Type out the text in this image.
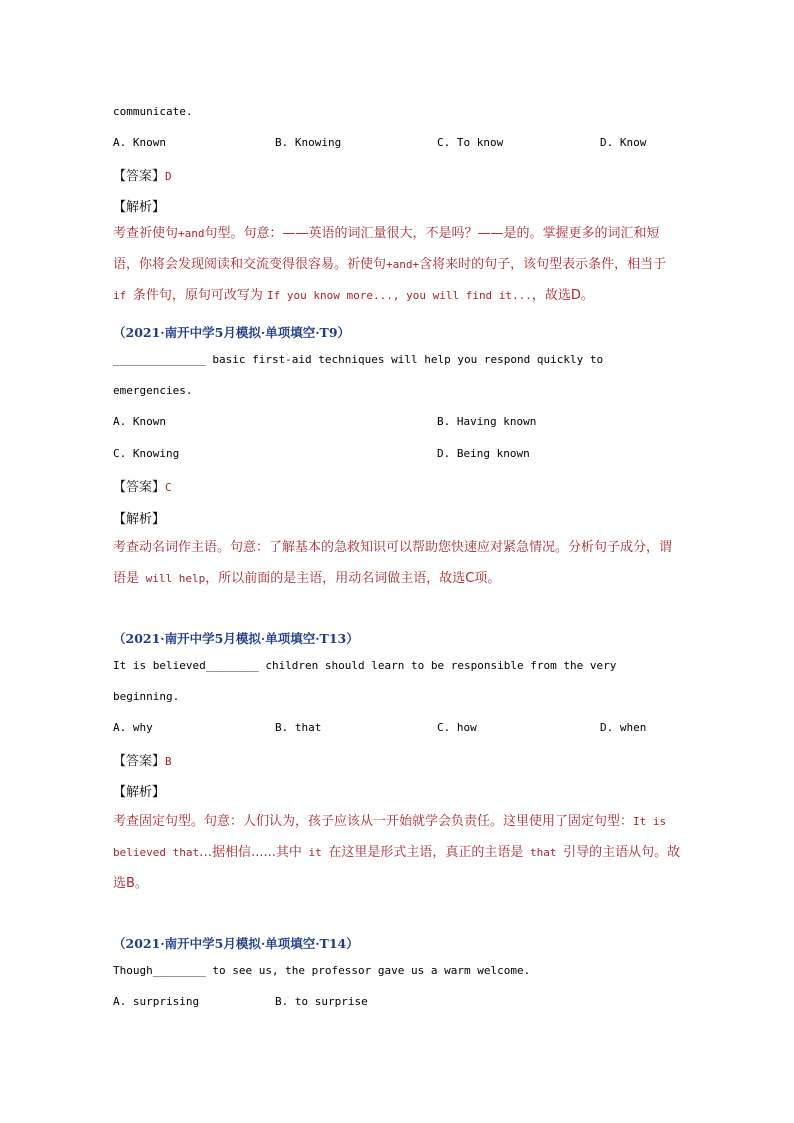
communicate.
A. Known	B. Knowing	C. To know	D. Know
【答案】D
【解析】
考查祈使句+and句型。句意：——英语的词汇量很大，不是吗？——是的。掌握更多的词汇和短语，你将会发现阅读和交流变得很容易。祈使句+and+含将来时的句子，该句型表示条件，相当于 if 条件句，原句可改写为 If you know more..., you will find it...，故选D。
（2021·南开中学5月模拟·单项填空·T9）
______________ basic first-aid techniques will help you respond quickly to
emergencies.
A. Known	B. Having known
C. Knowing	D. Being known
【答案】C
【解析】
考查动名词作主语。句意：了解基本的急救知识可以帮助您快速应对紧急情况。分析句子成分，谓语是 will help，所以前面的是主语，用动名词做主语，故选C项。
（2021·南开中学5月模拟·单项填空·T13）
It is believed________ children should learn to be responsible from the very
beginning.
A. why	B. that	C. how	D. when
【答案】B
【解析】
考查固定句型。句意：人们认为，孩子应该从一开始就学会负责任。这里使用了固定句型：It is believed that…据相信......其中 it 在这里是形式主语，真正的主语是 that 引导的主语从句。故选B。
（2021·南开中学5月模拟·单项填空·T14）
Though________ to see us, the professor gave us a warm welcome.
A. surprising	B. to surprise
